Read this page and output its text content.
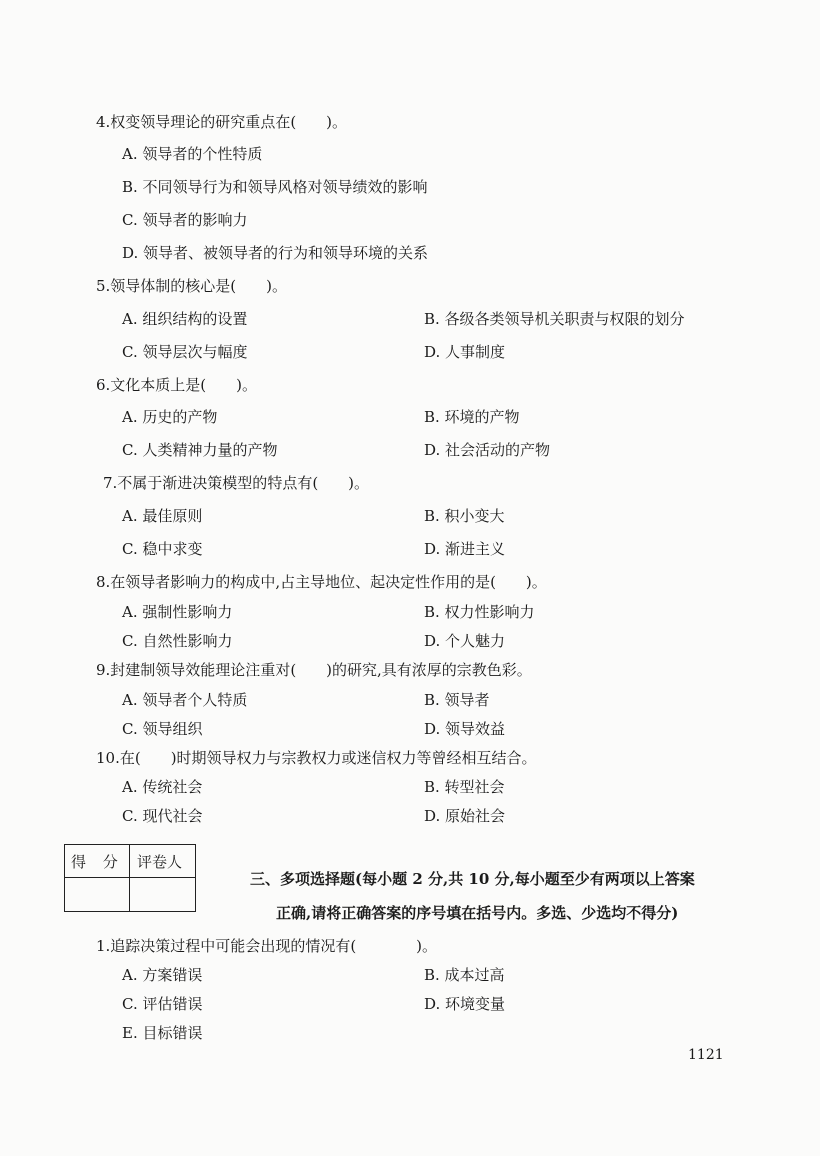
4.权变领导理论的研究重点在(　　)。
A. 领导者的个性特质
B. 不同领导行为和领导风格对领导绩效的影响
C. 领导者的影响力
D. 领导者、被领导者的行为和领导环境的关系
5.领导体制的核心是(　　)。
A. 组织结构的设置	B. 各级各类领导机关职责与权限的划分
C. 领导层次与幅度	D. 人事制度
6.文化本质上是(　　)。
A. 历史的产物	B. 环境的产物
C. 人类精神力量的产物	D. 社会活动的产物
7.不属于渐进决策模型的特点有(　　)。
A. 最佳原则	B. 积小变大
C. 稳中求变	D. 渐进主义
8.在领导者影响力的构成中,占主导地位、起决定性作用的是(　　)。
A. 强制性影响力	B. 权力性影响力
C. 自然性影响力	D. 个人魅力
9.封建制领导效能理论注重对(　　)的研究,具有浓厚的宗教色彩。
A. 领导者个人特质	B. 领导者
C. 领导组织	D. 领导效益
10.在(　　)时期领导权力与宗教权力或迷信权力等曾经相互结合。
A. 传统社会	B. 转型社会
C. 现代社会	D. 原始社会
得 分 评卷人
三、多项选择题(每小题 2 分,共 10 分,每小题至少有两项以上答案
正确,请将正确答案的序号填在括号内。多选、少选均不得分)
1.追踪决策过程中可能会出现的情况有(　　　　)。
A. 方案错误	B. 成本过高
C. 评估错误	D. 环境变量
E. 目标错误
1121
